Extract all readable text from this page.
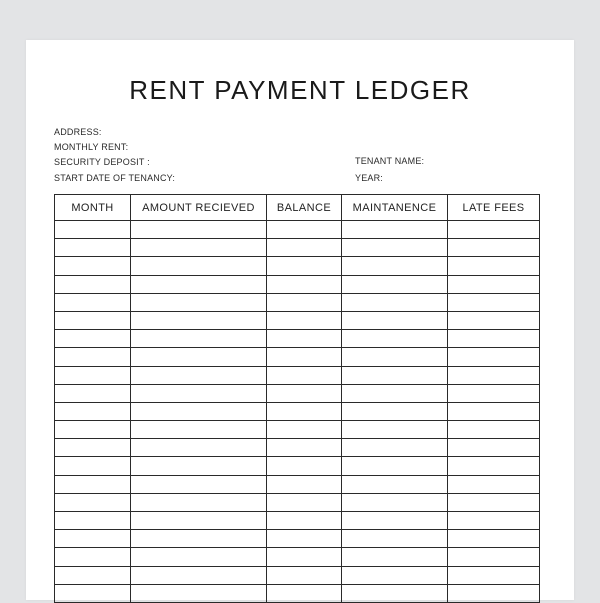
RENT PAYMENT LEDGER
ADDRESS:
MONTHLY RENT:
SECURITY DEPOSIT :
START DATE OF TENANCY:
TENANT NAME:
YEAR:
MONTH	AMOUNT RECIEVED	BALANCE	MAINTANENCE	LATE FEES
